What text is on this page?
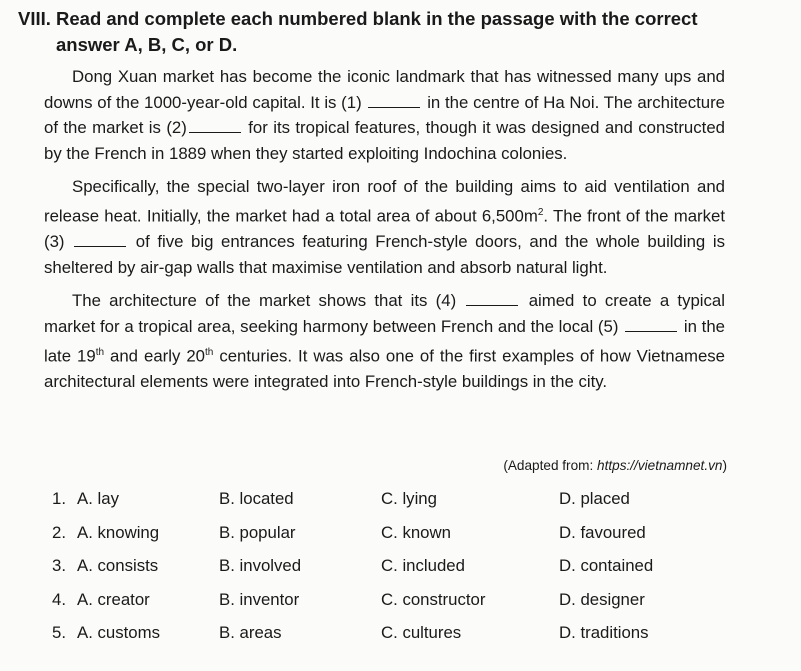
VIII. Read and complete each numbered blank in the passage with the correct answer A, B, C, or D.

Dong Xuan market has become the iconic landmark that has witnessed many ups and downs of the 1000-year-old capital. It is (1)	in the centre of Ha Noi. The architecture of the market is (2)	for its tropical features, though it was designed and constructed by the French in 1889 when they started exploiting Indochina colonies.

Specifically, the special two-layer iron roof of the building aims to aid ventilation and release heat. Initially, the market had a total area of about $6,500m^2$. The front of the market (3)	of five big entrances featuring French-style doors, and the whole building is sheltered by air-gap walls that maximise ventilation and absorb natural light.

The architecture of the market shows that its (4)	aimed to create a typical market for a tropical area, seeking harmony between French and the local (5)	in the late 19th and early 20th centuries. It was also one of the first examples of how Vietnamese architectural elements were integrated into French-style buildings in the city.

(Adapted from: https://vietnamnet.vn)
1. A. lay	B. located	C. lying	D. placed
2. A. knowing	B. popular	C. known	D. favoured
3. A. consists	B. involved	C. included	D. contained
4. A. creator	B. inventor	C. constructor	D. designer
5. A. customs	B. areas	C. cultures	D. traditions
